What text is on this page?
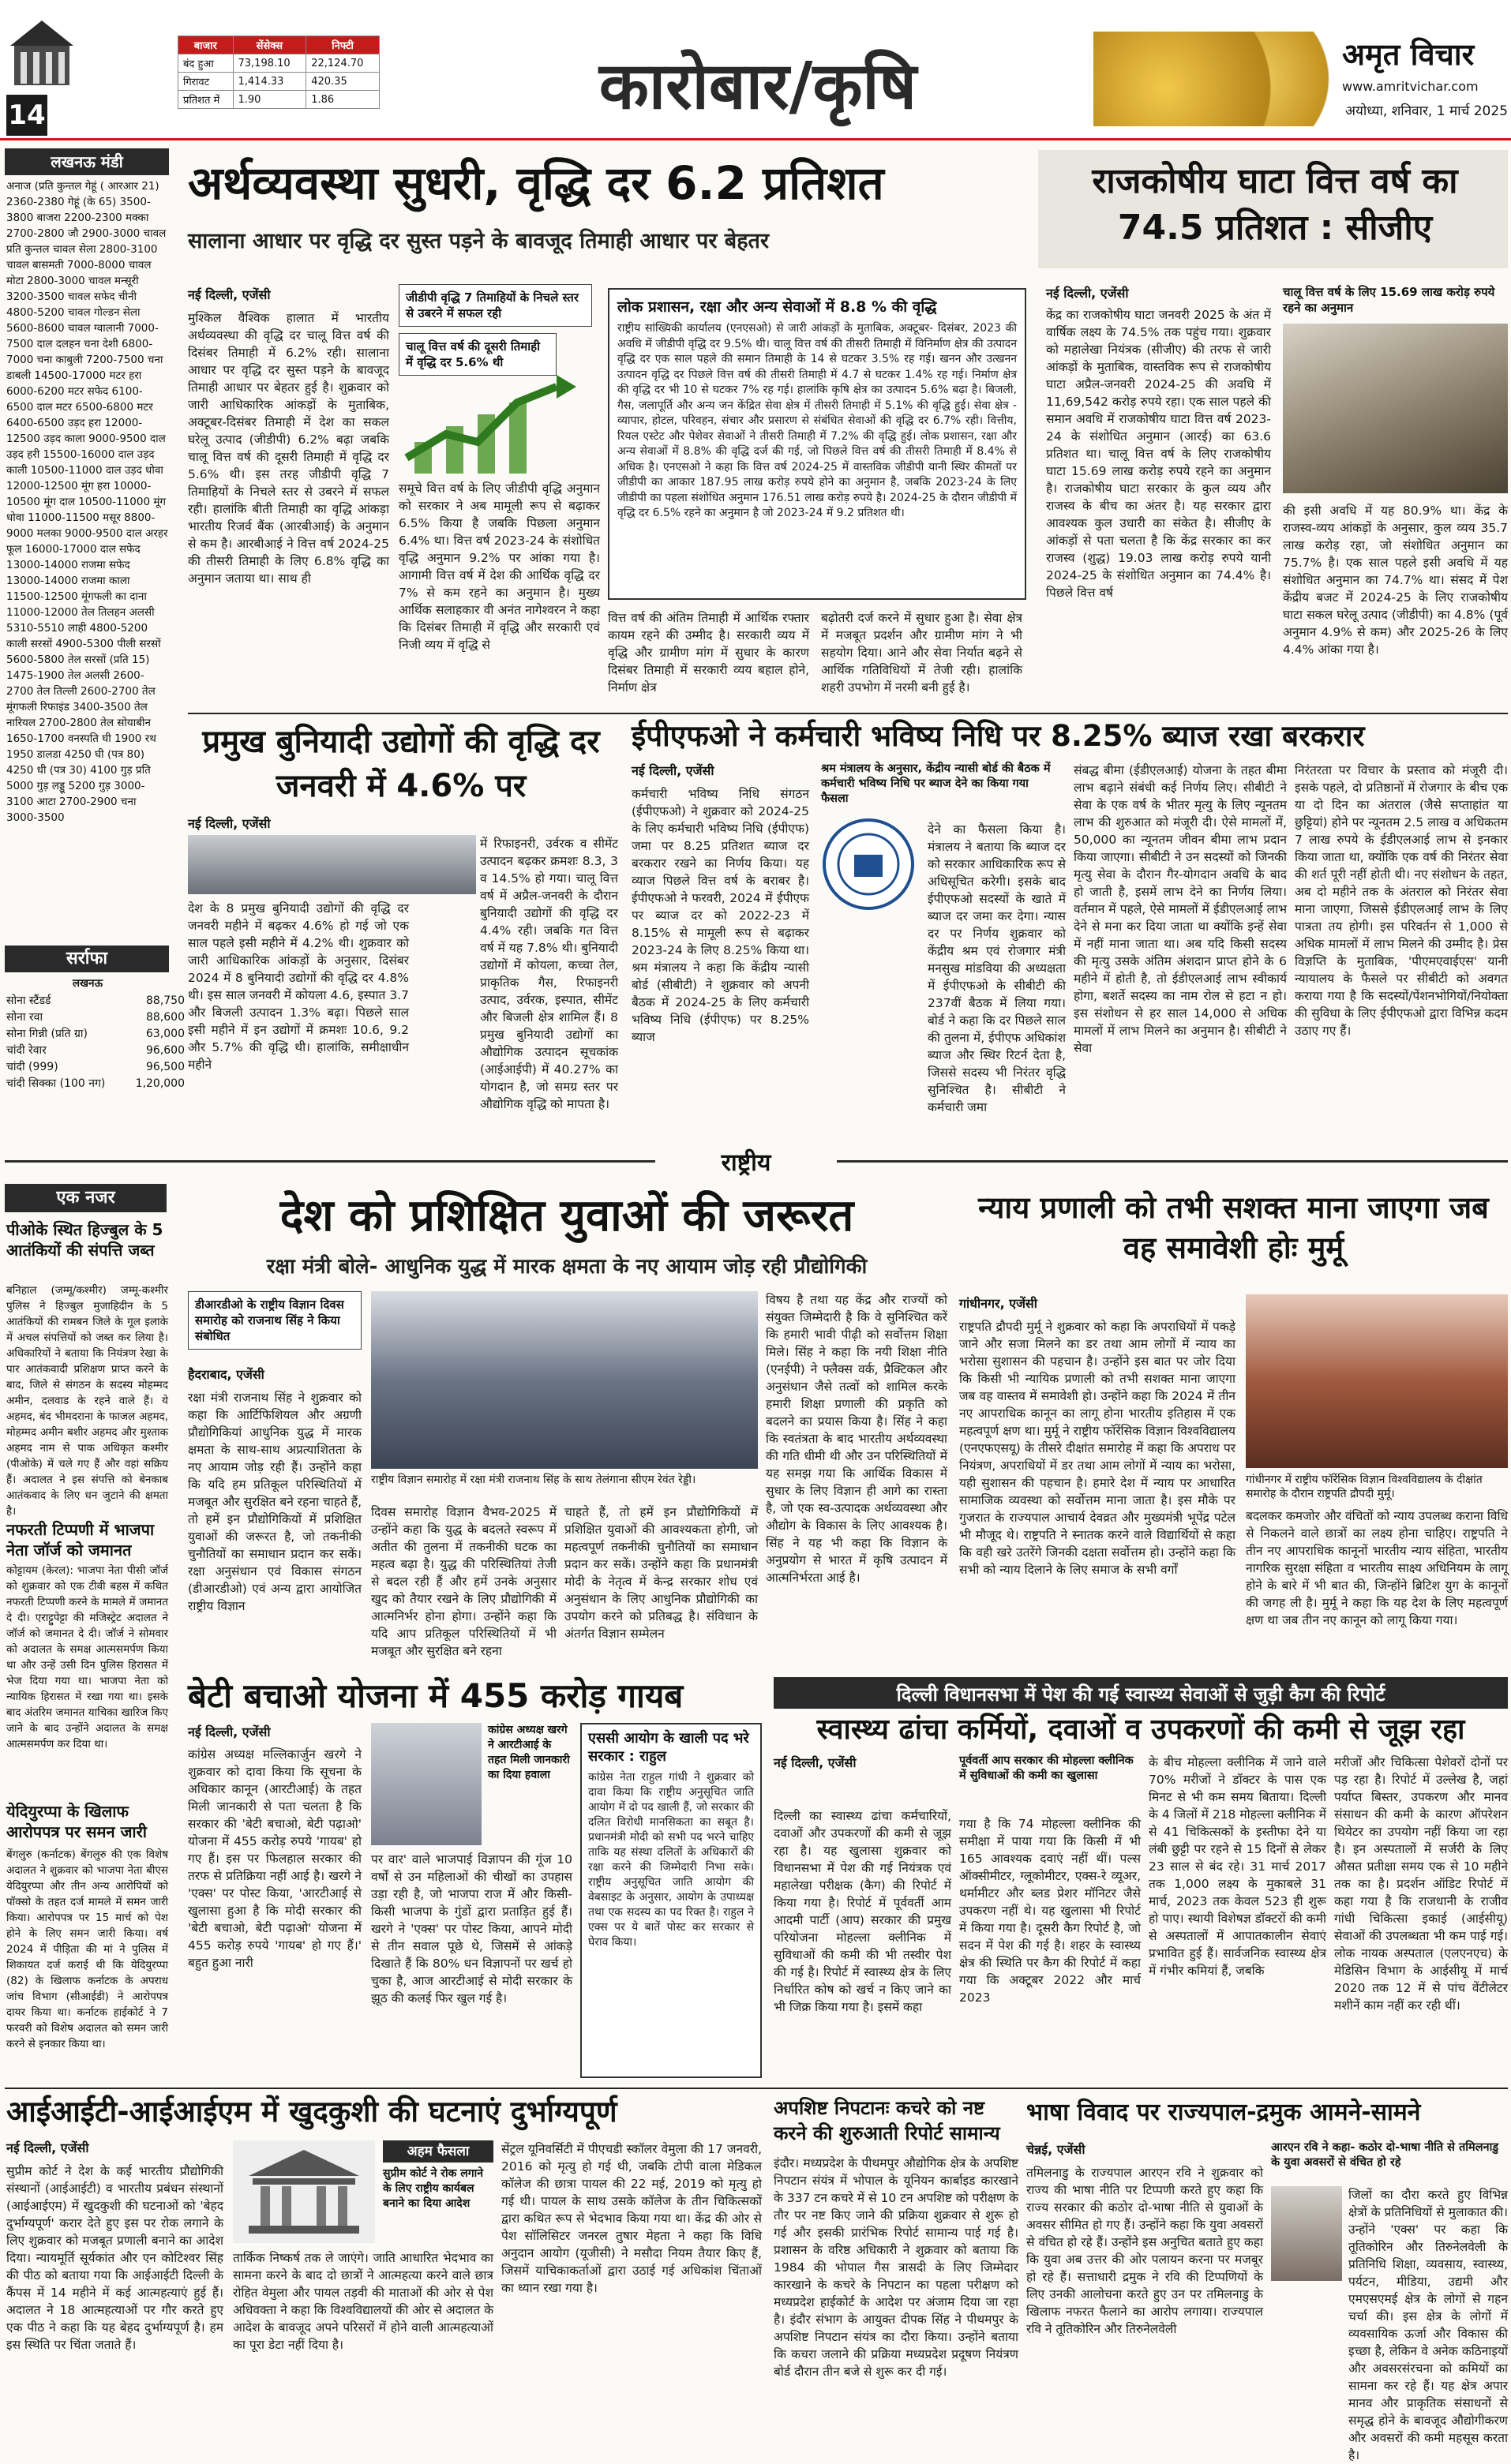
14
बाजार	सेंसेक्स	निफ्टी
बंद हुआ	73,198.10	22,124.70
गिरावट	1,414.33	420.35
प्रतिशत में	1.90	1.86	कारोबार/कृषि	अमृत विचार
www.amritvichar.com
अयोध्या, शनिवार, 1 मार्च 2025
लखनऊ मंडी
अनाज (प्रति कुन्तल गेहूं ( आरआर 21) 2360-2380 गेहूं (के 65) 3500-3800 बाजरा 2200-2300 मक्का 2700-2800 जौ 2900-3000 चावल प्रति कुन्तल चावल सेला 2800-3100 चावल बासमती 7000-8000 चावल मोटा 2800-3000 चावल मन्सूरी 3200-3500 चावल सफेद चीनी 4800-5200 चावल गोल्डन सेला 5600-8600 चावल ग्वालानी 7000-7500 दाल दलहन चना देशी 6800-7000 चना काबुली 7200-7500 चना डाबली 14500-17000 मटर हरा 6000-6200 मटर सफेद 6100-6500 दाल मटर 6500-6800 मटर 6400-6500 उड़द हरा 12000-12500 उड़द काला 9000-9500 दाल उड़द हरी 15500-16000 दाल उड़द काली 10500-11000 दाल उड़द धोवा 12000-12500 मूंग हरा 10000-10500 मूंग दाल 10500-11000 मूंग धोवा 11000-11500 मसूर 8800-9000 मलका 9000-9500 दाल अरहर फूल 16000-17000 दाल सफेद 13000-14000 राजमा सफेद 13000-14000 राजमा काला 11500-12500 मूंगफली का दाना 11000-12000 तेल तिलहन अलसी 5310-5510 लाही 4800-5200 काली सरसों 4900-5300 पीली सरसों 5600-5800 तेल सरसों (प्रति 15) 1475-1900 तेल अलसी 2600-2700 तेल तिल्ली 2600-2700 तेल मूंगफली रिफाइंड 3400-3500 तेल नारियल 2700-2800 तेल सोयाबीन 1650-1700 वनस्पति घी 1900 रथ 1950 डालडा 4250 घी (पत्र 80) 4250 धी (पत्र 30) 4100 गुड़ प्रति 5000 गुड़ लड्डू 5200 गुड़ 3000-3100 आटा 2700-2900 चना 3000-3500
सर्राफा
लखनऊ
सोना स्टैंडर्ड	88,750
सोना रवा	88,600
सोना गिन्नी (प्रति ग्रा)	63,000
चांदी रेवार	96,600
चांदी (999)	96,500
चांदी सिक्का (100 नग)	1,20,000
अर्थव्यवस्था सुधरी, वृद्धि दर 6.2 प्रतिशत
सालाना आधार पर वृद्धि दर सुस्त पड़ने के बावजूद तिमाही आधार पर बेहतर
नई दिल्ली, एजेंसी
मुश्किल वैश्विक हालात में भारतीय अर्थव्यवस्था की वृद्धि दर चालू वित्त वर्ष की दिसंबर तिमाही में 6.2% रही। सालाना आधार पर वृद्धि दर सुस्त पड़ने के बावजूद तिमाही आधार पर बेहतर हुई है। शुक्रवार को जारी आधिकारिक आंकड़ों के मुताबिक, अक्टूबर-दिसंबर तिमाही में देश का सकल घरेलू उत्पाद (जीडीपी) 6.2% बढ़ा जबकि चालू वित्त वर्ष की दूसरी तिमाही में वृद्धि दर 5.6% थी। इस तरह जीडीपी वृद्धि 7 तिमाहियों के निचले स्तर से उबरने में सफल रही। हालांकि बीती तिमाही का वृद्धि आंकड़ा भारतीय रिजर्व बैंक (आरबीआई) के अनुमान से कम है। आरबीआई ने वित्त वर्ष 2024-25 की तीसरी तिमाही के लिए 6.8% वृद्धि का अनुमान जताया था। साथ ही
जीडीपी वृद्धि 7 तिमाहियों के निचले स्तर से उबरने में सफल रही
चालू वित्त वर्ष की दूसरी तिमाही में वृद्धि दर 5.6% थी
समूचे वित्त वर्ष के लिए जीडीपी वृद्धि अनुमान को सरकार ने अब मामूली रूप से बढ़ाकर 6.5% किया है जबकि पिछला अनुमान 6.4% था। वित्त वर्ष 2023-24 के संशोधित वृद्धि अनुमान 9.2% पर आंका गया है। आगामी वित्त वर्ष में देश की आर्थिक वृद्धि दर 7% से कम रहने का अनुमान है। मुख्य आर्थिक सलाहकार वी अनंत नागेश्वरन ने कहा कि दिसंबर तिमाही में वृद्धि और सरकारी एवं निजी व्यय में वृद्धि से
लोक प्रशासन, रक्षा और अन्य सेवाओं में 8.8 % की वृद्धि
राष्ट्रीय सांख्यिकी कार्यालय (एनएसओ) से जारी आंकड़ों के मुताबिक, अक्टूबर- दिसंबर, 2023 की अवधि में जीडीपी वृद्धि दर 9.5% थी। चालू वित्त वर्ष की तीसरी तिमाही में विनिर्माण क्षेत्र की उत्पादन वृद्धि दर एक साल पहले की समान तिमाही के 14 से घटकर 3.5% रह गई। खनन और उत्खनन उत्पादन वृद्धि दर पिछले वित्त वर्ष की तीसरी तिमाही में 4.7 से घटकर 1.4% रह गई। निर्माण क्षेत्र की वृद्धि दर भी 10 से घटकर 7% रह गई। हालांकि कृषि क्षेत्र का उत्पादन 5.6% बढ़ा है। बिजली, गैस, जलापूर्ति और अन्य जन केंद्रित सेवा क्षेत्र में तीसरी तिमाही में 5.1% की वृद्धि हुई। सेवा क्षेत्र - व्यापार, होटल, परिवहन, संचार और प्रसारण से संबंधित सेवाओं की वृद्धि दर 6.7% रही। वित्तीय, रियल एस्टेट और पेशेवर सेवाओं ने तीसरी तिमाही में 7.2% की वृद्धि हुई। लोक प्रशासन, रक्षा और अन्य सेवाओं में 8.8% की वृद्धि दर्ज की गई, जो पिछले वित्त वर्ष की तीसरी तिमाही में 8.4% से अधिक है। एनएसओ ने कहा कि वित्त वर्ष 2024-25 में वास्तविक जीडीपी यानी स्थिर कीमतों पर जीडीपी का आकार 187.95 लाख करोड़ रुपये होने का अनुमान है, जबकि 2023-24 के लिए जीडीपी का पहला संशोधित अनुमान 176.51 लाख करोड़ रुपये है। 2024-25 के दौरान जीडीपी में वृद्धि दर 6.5% रहने का अनुमान है जो 2023-24 में 9.2 प्रतिशत थी।
वित्त वर्ष की अंतिम तिमाही में आर्थिक रफ्तार कायम रहने की उम्मीद है। सरकारी व्यय में वृद्धि और ग्रामीण मांग में सुधार के कारण दिसंबर तिमाही में सरकारी व्यय बहाल होने, निर्माण क्षेत्र
बढ़ोतरी दर्ज करने में सुधार हुआ है। सेवा क्षेत्र में मजबूत प्रदर्शन और ग्रामीण मांग ने भी सहयोग दिया। आने और सेवा निर्यात बढ़ने से आर्थिक गतिविधियों में तेजी रही। हालांकि शहरी उपभोग में नरमी बनी हुई है।
राजकोषीय घाटा वित्त वर्ष का 74.5 प्रतिशत : सीजीए
नई दिल्ली, एजेंसी
केंद्र का राजकोषीय घाटा जनवरी 2025 के अंत में वार्षिक लक्ष्य के 74.5% तक पहुंच गया। शुक्रवार को महालेखा नियंत्रक (सीजीए) की तरफ से जारी आंकड़ों के मुताबिक, वास्तविक रूप से राजकोषीय घाटा अप्रैल-जनवरी 2024-25 की अवधि में 11,69,542 करोड़ रुपये रहा। एक साल पहले की समान अवधि में राजकोषीय घाटा वित्त वर्ष 2023-24 के संशोधित अनुमान (आरई) का 63.6 प्रतिशत था। चालू वित्त वर्ष के लिए राजकोषीय घाटा 15.69 लाख करोड़ रुपये रहने का अनुमान है। राजकोषीय घाटा सरकार के कुल व्यय और राजस्व के बीच का अंतर है। यह सरकार द्वारा आवश्यक कुल उधारी का संकेत है। सीजीए के आंकड़ों से पता चलता है कि केंद्र सरकार का कर राजस्व (शुद्ध) 19.03 लाख करोड़ रुपये यानी 2024-25 के संशोधित अनुमान का 74.4% है। पिछले वित्त वर्ष
चालू वित्त वर्ष के लिए 15.69 लाख करोड़ रुपये रहने का अनुमान
की इसी अवधि में यह 80.9% था। केंद्र के राजस्व-व्यय आंकड़ों के अनुसार, कुल व्यय 35.7 लाख करोड़ रहा, जो संशोधित अनुमान का 75.7% है। एक साल पहले इसी अवधि में यह संशोधित अनुमान का 74.7% था। संसद में पेश केंद्रीय बजट में 2024-25 के लिए राजकोषीय घाटा सकल घरेलू उत्पाद (जीडीपी) का 4.8% (पूर्व अनुमान 4.9% से कम) और 2025-26 के लिए 4.4% आंका गया है।
प्रमुख बुनियादी उद्योगों की वृद्धि दर जनवरी में 4.6% पर
नई दिल्ली, एजेंसी
देश के 8 प्रमुख बुनियादी उद्योगों की वृद्धि दर जनवरी महीने में बढ़कर 4.6% हो गई जो एक साल पहले इसी महीने में 4.2% थी। शुक्रवार को जारी आधिकारिक आंकड़ों के अनुसार, दिसंबर 2024 में 8 बुनियादी उद्योगों की वृद्धि दर 4.8% थी। इस साल जनवरी में कोयला 4.6, इस्पात 3.7 और बिजली उत्पादन 1.3% बढ़ा। पिछले साल इसी महीने में इन उद्योगों में क्रमशः 10.6, 9.2 और 5.7% की वृद्धि थी। हालांकि, समीक्षाधीन महीने
में रिफाइनरी, उर्वरक व सीमेंट उत्पादन बढ़कर क्रमशः 8.3, 3 व 14.5% हो गया। चालू वित्त वर्ष में अप्रैल-जनवरी के दौरान बुनियादी उद्योगों की वृद्धि दर 4.4% रही। जबकि गत वित्त वर्ष में यह 7.8% थी। बुनियादी उद्योगों में कोयला, कच्चा तेल, प्राकृतिक गैस, रिफाइनरी उत्पाद, उर्वरक, इस्पात, सीमेंट और बिजली क्षेत्र शामिल हैं। 8 प्रमुख बुनियादी उद्योगों का औद्योगिक उत्पादन सूचकांक (आईआईपी) में 40.27% का योगदान है, जो समग्र स्तर पर औद्योगिक वृद्धि को मापता है।
ईपीएफओ ने कर्मचारी भविष्य निधि पर 8.25% ब्याज रखा बरकरार
नई दिल्ली, एजेंसी
कर्मचारी भविष्य निधि संगठन (ईपीएफओ) ने शुक्रवार को 2024-25 के लिए कर्मचारी भविष्य निधि (ईपीएफ) जमा पर 8.25 प्रतिशत ब्याज दर बरकरार रखने का निर्णय किया। यह व्याज पिछले वित्त वर्ष के बराबर है। ईपीएफओ ने फरवरी, 2024 में ईपीएफ पर ब्याज दर को 2022-23 में 8.15% से मामूली रूप से बढ़ाकर 2023-24 के लिए 8.25% किया था। श्रम मंत्रालय ने कहा कि केंद्रीय न्यासी बोर्ड (सीबीटी) ने शुक्रवार को अपनी बैठक में 2024-25 के लिए कर्मचारी भविष्य निधि (ईपीएफ) पर 8.25% ब्याज
श्रम मंत्रालय के अनुसार, केंद्रीय न्यासी बोर्ड की बैठक में कर्मचारी भविष्य निधि पर ब्याज देने का किया गया फैसला
देने का फैसला किया है। मंत्रालय ने बताया कि ब्याज दर को सरकार आधिकारिक रूप से अधिसूचित करेगी। इसके बाद ईपीएफओ सदस्यों के खाते में ब्याज दर जमा कर देगा। न्यास दर पर निर्णय शुक्रवार को केंद्रीय श्रम एवं रोजगार मंत्री मनसुख मांडविया की अध्यक्षता में ईपीएफओ के सीबीटी की 237वीं बैठक में लिया गया। बोर्ड ने कहा कि दर पिछले साल की तुलना में, ईपीएफ अधिकांश ब्याज और स्थिर रिटर्न देता है, जिससे सदस्य भी निरंतर वृद्धि सुनिश्चित है। सीबीटी ने कर्मचारी जमा
संबद्ध बीमा (ईडीएलआई) योजना के तहत बीमा लाभ बढ़ाने संबंधी कई निर्णय लिए। सीबीटी ने सेवा के एक वर्ष के भीतर मृत्यु के लिए न्यूनतम लाभ की शुरुआत को मंजूरी दी। ऐसे मामलों में, 50,000 का न्यूनतम जीवन बीमा लाभ प्रदान किया जाएगा। सीबीटी ने उन सदस्यों को जिनकी मृत्यु सेवा के दौरान गैर-योगदान अवधि के बाद हो जाती है, इसमें लाभ देने का निर्णय लिया। वर्तमान में पहले, ऐसे मामलों में ईडीएलआई लाभ देने से मना कर दिया जाता था क्योंकि इन्हें सेवा में नहीं माना जाता था। अब यदि किसी सदस्य की मृत्यु उसके अंतिम अंशदान प्राप्त होने के 6 महीने में होती है, तो ईडीएलआई लाभ स्वीकार्य होगा, बशर्ते सदस्य का नाम रोल से हटा न हो। इस संशोधन से हर साल 14,000 से अधिक मामलों में लाभ मिलने का अनुमान है। सीबीटी ने सेवा
निरंतरता पर विचार के प्रस्ताव को मंजूरी दी। इसके पहले, दो प्रतिष्ठानों में रोजगार के बीच एक या दो दिन का अंतराल (जैसे सप्ताहांत या छुट्टियां) होने पर न्यूनतम 2.5 लाख व अधिकतम 7 लाख रुपये के ईडीएलआई लाभ से इनकार किया जाता था, क्योंकि एक वर्ष की निरंतर सेवा की शर्त पूरी नहीं होती थी। नए संशोधन के तहत, अब दो महीने तक के अंतराल को निरंतर सेवा माना जाएगा, जिससे ईडीएलआई लाभ के लिए पात्रता तय होगी। इस परिवर्तन से 1,000 से अधिक मामलों में लाभ मिलने की उम्मीद है। प्रेस विज्ञप्ति के मुताबिक, 'पीएमएवाईएस' यानी न्यायालय के फैसले पर सीबीटी को अवगत कराया गया है कि सदस्यों/पेंशनभोगियों/नियोक्ता की सुविधा के लिए ईपीएफओ द्वारा विभिन्न कदम उठाए गए हैं।
राष्ट्रीय
एक नजर
पीओके स्थित हिज्बुल के 5 आतंकियों की संपत्ति जब्त
बनिहाल (जम्मू/कश्मीर) जम्मू-कश्मीर पुलिस ने हिज्बुल मुजाहिदीन के 5 आतंकियों की रामबन जिले के गूल इलाके में अचल संपत्तियों को जब्त कर लिया है। अधिकारियों ने बताया कि नियंत्रण रेखा के पार आतंकवादी प्रशिक्षण प्राप्त करने के बाद, जिले से संगठन के सदस्य मोहम्मद अमीन, दलवाड के रहने वाले हैं। ये अहमद, बंद भीमदराना के फाजल अहमद, मोहम्मद अमीन बशीर अहमद और मुश्ताक अहमद नाम से पाक अधिकृत कश्मीर (पीओके) में चले गए हैं और वहां सक्रिय हैं। अदालत ने इस संपत्ति को बेनकाब आतंकवाद के लिए धन जुटाने की क्षमता है।
नफरती टिप्पणी में भाजपा नेता जॉर्ज को जमानत
कोट्टायम (केरल): भाजपा नेता पीसी जॉर्ज को शुक्रवार को एक टीवी बहस में कथित नफरती टिप्पणी करने के मामले में जमानत दे दी। एराट्टुपेट्टा की मजिस्ट्रेट अदालत ने जॉर्ज को जमानत दे दी। जॉर्ज ने सोमवार को अदालत के समक्ष आत्मसमर्पण किया था और उन्हें उसी दिन पुलिस हिरासत में भेज दिया गया था। भाजपा नेता को न्यायिक हिरासत में रखा गया था। इसके बाद अंतरिम जमानत याचिका खारिज किए जाने के बाद उन्होंने अदालत के समक्ष आत्मसमर्पण कर दिया था।
येदियुरप्पा के खिलाफ आरोपपत्र पर समन जारी
बेंगलुरु (कर्नाटक) बेंगलुरु की एक विशेष अदालत ने शुक्रवार को भाजपा नेता बीएस येदियुरप्पा और तीन अन्य आरोपियों को पॉक्सो के तहत दर्ज मामले में समन जारी किया। आरोपपत्र पर 15 मार्च को पेश होने के लिए समन जारी किया। वर्ष 2024 में पीड़िता की मां ने पुलिस में शिकायत दर्ज कराई थी कि येदियुरप्पा (82) के खिलाफ कर्नाटक के अपराध जांच विभाग (सीआईडी) ने आरोपपत्र दायर किया था। कर्नाटक हाईकोर्ट ने 7 फरवरी को विशेष अदालत को समन जारी करने से इनकार किया था।
देश को प्रशिक्षित युवाओं की जरूरत
रक्षा मंत्री बोले- आधुनिक युद्ध में मारक क्षमता के नए आयाम जोड़ रही प्रौद्योगिकी
डीआरडीओ के राष्ट्रीय विज्ञान दिवस समारोह को राजनाथ सिंह ने किया संबोधित
हैदराबाद, एजेंसी
राष्ट्रीय विज्ञान समारोह में रक्षा मंत्री राजनाथ सिंह के साथ तेलंगाना सीएम रेवंत रेड्डी।
रक्षा मंत्री राजनाथ सिंह ने शुक्रवार को कहा कि आर्टिफिशियल और अग्रणी प्रौद्योगिकियां आधुनिक युद्ध में मारक क्षमता के साथ-साथ अप्रत्याशितता के नए आयाम जोड़ रही हैं। उन्होंने कहा कि यदि हम प्रतिकूल परिस्थितियों में मजबूत और सुरक्षित बने रहना चाहते हैं, तो हमें इन प्रौद्योगिकियों में प्रशिक्षित युवाओं की जरूरत है, जो तकनीकी चुनौतियों का समाधान प्रदान कर सकें। रक्षा अनुसंधान एवं विकास संगठन (डीआरडीओ) एवं अन्य द्वारा आयोजित राष्ट्रीय विज्ञान
दिवस समारोह विज्ञान वैभव-2025 में उन्होंने कहा कि युद्ध के बदलते स्वरूप में अतीत की तुलना में तकनीकी घटक का महत्व बढ़ा है। युद्ध की परिस्थितियां तेजी से बदल रही हैं और हमें उनके अनुसार खुद को तैयार रखने के लिए प्रौद्योगिकी में आत्मनिर्भर होना होगा। उन्होंने कहा कि यदि आप प्रतिकूल परिस्थितियों में भी मजबूत और सुरक्षित बने रहना
चाहते हैं, तो हमें इन प्रौद्योगिकियों में प्रशिक्षित युवाओं की आवश्यकता होगी, जो महत्वपूर्ण तकनीकी चुनौतियों का समाधान प्रदान कर सकें। उन्होंने कहा कि प्रधानमंत्री मोदी के नेतृत्व में केन्द्र सरकार शोध एवं अनुसंधान के लिए आधुनिक प्रौद्योगिकी का उपयोग करने को प्रतिबद्ध है। संविधान के अंतर्गत विज्ञान सम्मेलन
विषय है तथा यह केंद्र और राज्यों को संयुक्त जिम्मेदारी है कि वे सुनिश्चित करें कि हमारी भावी पीढ़ी को सर्वोत्तम शिक्षा मिले। सिंह ने कहा कि नयी शिक्षा नीति (एनईपी) ने फ्लैक्स वर्क, प्रैक्टिकल और अनुसंधान जैसे तत्वों को शामिल करके हमारी शिक्षा प्रणाली की प्रकृति को बदलने का प्रयास किया है। सिंह ने कहा कि स्वतंत्रता के बाद भारतीय अर्थव्यवस्था की गति धीमी थी और उन परिस्थितियों में यह समझ गया कि आर्थिक विकास में सुधार के लिए विज्ञान ही आगे का रास्ता है, जो एक स्व-उत्पादक अर्थव्यवस्था और औद्योग के विकास के लिए आवश्यक है। सिंह ने यह भी कहा कि विज्ञान के अनुप्रयोग से भारत में कृषि उत्पादन में आत्मनिर्भरता आई है।
न्याय प्रणाली को तभी सशक्त माना जाएगा जब वह समावेशी होः मुर्मू
गांधीनगर, एजेंसी
राष्ट्रपति द्रौपदी मुर्मू ने शुक्रवार को कहा कि अपराधियों में पकड़े जाने और सजा मिलने का डर तथा आम लोगों में न्याय का भरोसा सुशासन की पहचान है। उन्होंने इस बात पर जोर दिया कि किसी भी न्यायिक प्रणाली को तभी सशक्त माना जाएगा जब वह वास्तव में समावेशी हो। उन्होंने कहा कि 2024 में तीन नए आपराधिक कानून का लागू होना भारतीय इतिहास में एक महत्वपूर्ण क्षण था। मुर्मू ने राष्ट्रीय फॉरेंसिक विज्ञान विश्वविद्यालय (एनएफएसयू) के तीसरे दीक्षांत समारोह में कहा कि अपराध पर नियंत्रण, अपराधियों में डर तथा आम लोगों में न्याय का भरोसा, यही सुशासन की पहचान है। हमारे देश में न्याय पर आधारित सामाजिक व्यवस्था को सर्वोत्तम माना जाता है। इस मौके पर गुजरात के राज्यपाल आचार्य देवव्रत और मुख्यमंत्री भूपेंद्र पटेल भी मौजूद थे। राष्ट्रपति ने स्नातक करने वाले विद्यार्थियों से कहा कि वही खरे उतरेंगे जिनकी दक्षता सर्वोत्तम हो। उन्होंने कहा कि सभी को न्याय दिलाने के लिए समाज के सभी वर्गों
गांधीनगर में राष्ट्रीय फॉरेंसिक विज्ञान विश्वविद्यालय के दीक्षांत समारोह के दौरान राष्ट्रपति द्रौपदी मुर्मू।
बदलकर कमजोर और वंचितों को न्याय उपलब्ध कराना विधि से निकलने वाले छात्रों का लक्ष्य होना चाहिए। राष्ट्रपति ने तीन नए आपराधिक कानूनों भारतीय न्याय संहिता, भारतीय नागरिक सुरक्षा संहिता व भारतीय साक्ष्य अधिनियम के लागू होने के बारे में भी बात की, जिन्होंने ब्रिटिश युग के कानूनों की जगह ली है। मुर्मू ने कहा कि यह देश के लिए महत्वपूर्ण क्षण था जब तीन नए कानून को लागू किया गया।
बेटी बचाओ योजना में 455 करोड़ गायब
नई दिल्ली, एजेंसी	कांग्रेस अध्यक्ष खरगे ने आरटीआई के तहत मिली जानकारी का दिया हवाला
कांग्रेस अध्यक्ष मल्लिकार्जुन खरगे ने शुक्रवार को दावा किया कि सूचना के अधिकार कानून (आरटीआई) के तहत मिली जानकारी से पता चलता है कि सरकार की 'बेटी बचाओ, बेटी पढ़ाओ' योजना में 455 करोड़ रुपये 'गायब' हो गए हैं। इस पर फिलहाल सरकार की तरफ से प्रतिक्रिया नहीं आई है। खरगे ने 'एक्स' पर पोस्ट किया, 'आरटीआई से खुलासा हुआ है कि मोदी सरकार की 'बेटी बचाओ, बेटी पढ़ाओ' योजना में 455 करोड़ रुपये 'गायब' हो गए हैं।' बहुत हुआ नारी
पर वार' वाले भाजपाई विज्ञापन की गूंज 10 वर्षों से उन महिलाओं की चीखों का उपहास उड़ा रही है, जो भाजपा राज में और किसी-किसी भाजपा के गुंडों द्वारा प्रताड़ित हुई हैं। खरगे ने 'एक्स' पर पोस्ट किया, आपने मोदी से तीन सवाल पूछे थे, जिसमें से आंकड़े दिखाते हैं कि 80% धन विज्ञापनों पर खर्च हो चुका है, आज आरटीआई से मोदी सरकार के झूठ की कलई फिर खुल गई है।
एससी आयोग के खाली पद भरे सरकार : राहुल
कांग्रेस नेता राहुल गांधी ने शुक्रवार को दावा किया कि राष्ट्रीय अनुसूचित जाति आयोग में दो पद खाली हैं, जो सरकार की दलित विरोधी मानसिकता का सबूत है। प्रधानमंत्री मोदी को सभी पद भरने चाहिए ताकि यह संस्था दलितों के अधिकारों की रक्षा करने की जिम्मेदारी निभा सके। राष्ट्रीय अनुसूचित जाति आयोग की वेबसाइट के अनुसार, आयोग के उपाध्यक्ष तथा एक सदस्य का पद रिक्त है। राहुल ने एक्स पर ये बातें पोस्ट कर सरकार से घेराव किया।
दिल्ली विधानसभा में पेश की गई स्वास्थ्य सेवाओं से जुड़ी कैग की रिपोर्ट
स्वास्थ्य ढांचा कर्मियों, दवाओं व उपकरणों की कमी से जूझ रहा
नई दिल्ली, एजेंसी
दिल्ली का स्वास्थ्य ढांचा कर्मचारियों, दवाओं और उपकरणों की कमी से जूझ रहा है। यह खुलासा शुक्रवार को विधानसभा में पेश की गई नियंत्रक एवं महालेखा परीक्षक (कैग) की रिपोर्ट में किया गया है। रिपोर्ट में पूर्ववर्ती आम आदमी पार्टी (आप) सरकार की प्रमुख परियोजना मोहल्ला क्लीनिक में सुविधाओं की कमी की भी तस्वीर पेश की गई है। रिपोर्ट में स्वास्थ्य क्षेत्र के लिए निर्धारित कोष को खर्च न किए जाने का भी जिक्र किया गया है। इसमें कहा
पूर्ववर्ती आप सरकार की मोहल्ला क्लीनिक में सुविधाओं की कमी का खुलासा
गया है कि 74 मोहल्ला क्लीनिक की समीक्षा में पाया गया कि किसी में भी 165 आवश्यक दवाएं नहीं थीं। पल्स ऑक्सीमीटर, ग्लूकोमीटर, एक्स-रे व्यूअर, थर्मामीटर और ब्लड प्रेशर मॉनिटर जैसे उपकरण नहीं थे। यह खुलासा भी रिपोर्ट में किया गया है। दूसरी कैग रिपोर्ट है, जो सदन में पेश की गई है। शहर के स्वास्थ्य क्षेत्र की स्थिति पर कैग की रिपोर्ट में कहा गया कि अक्टूबर 2022 और मार्च 2023
के बीच मोहल्ला क्लीनिक में जाने वाले 70% मरीजों ने डॉक्टर के पास एक मिनट से भी कम समय बिताया। दिल्ली के 4 जिलों में 218 मोहल्ला क्लीनिक में से 41 चिकित्सकों के इस्तीफा देने या लंबी छुट्टी पर रहने से 15 दिनों से लेकर 23 साल से बंद रहे। 31 मार्च 2017 तक 1,000 लक्ष्य के मुकाबले 31 मार्च, 2023 तक केवल 523 ही शुरू हो पाए। स्थायी विशेषज्ञ डॉक्टरों की कमी से अस्पतालों में आपातकालीन सेवाएं प्रभावित हुई हैं। सार्वजनिक स्वास्थ्य क्षेत्र में गंभीर कमियां हैं, जबकि
मरीजों और चिकित्सा पेशेवरों दोनों पर पड़ रहा है। रिपोर्ट में उल्लेख है, जहां पर्याप्त बिस्तर, उपकरण और मानव संसाधन की कमी के कारण ऑपरेशन थियेटर का उपयोग नहीं किया जा रहा है। इन अस्पतालों में सर्जरी के लिए औसत प्रतीक्षा समय एक से 10 महीने तक का है। प्रदर्शन ऑडिट रिपोर्ट में कहा गया है कि राजधानी के राजीव गांधी चिकित्सा इकाई (आईसीयू) सेवाओं की उपलब्धता भी कम पाई गई। लोक नायक अस्पताल (एलएनएच) के मेडिसिन विभाग के आईसीयू में मार्च 2020 तक 12 में से पांच वेंटीलेटर मशीनें काम नहीं कर रही थीं।
आईआईटी-आईआईएम में खुदकुशी की घटनाएं दुर्भाग्यपूर्ण
नई दिल्ली, एजेंसी
सुप्रीम कोर्ट ने देश के कई भारतीय प्रौद्योगिकी संस्थानों (आईआईटी) व भारतीय प्रबंधन संस्थानों (आईआईएम) में खुदकुशी की घटनाओं को 'बेहद दुर्भाग्यपूर्ण' करार देते हुए इस पर रोक लगाने के लिए शुक्रवार को मजबूत प्रणाली बनाने का आदेश दिया। न्यायमूर्ति सूर्यकांत और एन कोटिश्वर सिंह की पीठ को बताया गया कि आईआईटी दिल्ली के कैंपस में 14 महीने में कई आत्महत्याएं हुई हैं। अदालत ने 18 आत्महत्याओं पर गौर करते हुए एक पीठ ने कहा कि यह बेहद दुर्भाग्यपूर्ण है। हम इस स्थिति पर चिंता जताते हैं।
अहम फैसला
सुप्रीम कोर्ट ने रोक लगाने के लिए राष्ट्रीय कार्यबल बनाने का दिया आदेश
तार्किक निष्कर्ष तक ले जाएंगे। जाति आधारित भेदभाव का सामना करने के बाद दो छात्रों ने आत्महत्या करने वाले छात्र रोहित वेमुला और पायल तड़वी की माताओं की ओर से पेश अधिवक्ता ने कहा कि विश्वविद्यालयों की ओर से अदालत के आदेश के बावजूद अपने परिसरों में होने वाली आत्महत्याओं का पूरा डेटा नहीं दिया है।
सेंट्रल यूनिवर्सिटी में पीएचडी स्कॉलर वेमुला की 17 जनवरी, 2016 को मृत्यु हो गई थी, जबकि टोपी वाला मेडिकल कॉलेज की छात्रा पायल की 22 मई, 2019 को मृत्यु हो गई थी। पायल के साथ उसके कॉलेज के तीन चिकित्सकों द्वारा कथित रूप से भेदभाव किया गया था। केंद्र की ओर से पेश सॉलिसिटर जनरल तुषार मेहता ने कहा कि विधि अनुदान आयोग (यूजीसी) ने मसौदा नियम तैयार किए हैं, जिसमें याचिकाकर्ताओं द्वारा उठाई गई अधिकांश चिंताओं का ध्यान रखा गया है।
अपशिष्ट निपटानः कचरे को नष्ट करने की शुरुआती रिपोर्ट सामान्य
इंदौर। मध्यप्रदेश के पीथमपुर औद्योगिक क्षेत्र के अपशिष्ट निपटान संयंत्र में भोपाल के यूनियन कार्बाइड कारखाने के 337 टन कचरे में से 10 टन अपशिष्ट को परीक्षण के तौर पर नष्ट किए जाने की प्रक्रिया शुक्रवार से शुरू हो गई और इसकी प्रारंभिक रिपोर्ट सामान्य पाई गई है। प्रशासन के वरिष्ठ अधिकारी ने शुक्रवार को बताया कि 1984 की भोपाल गैस त्रासदी के लिए जिम्मेदार कारखाने के कचरे के निपटान का पहला परीक्षण को मध्यप्रदेश हाईकोर्ट के आदेश पर अंजाम दिया जा रहा है। इंदौर संभाग के आयुक्त दीपक सिंह ने पीथमपुर के अपशिष्ट निपटान संयंत्र का दौरा किया। उन्होंने बताया कि कचरा जलाने की प्रक्रिया मध्यप्रदेश प्रदूषण नियंत्रण बोर्ड दौरान तीन बजे से शुरू कर दी गई।
भाषा विवाद पर राज्यपाल-द्रमुक आमने-सामने
चेन्नई, एजेंसी	आरएन रवि ने कहा- कठोर दो-भाषा नीति से तमिलनाडु के युवा अवसरों से वंचित हो रहे
तमिलनाडु के राज्यपाल आरएन रवि ने शुक्रवार को राज्य की भाषा नीति पर टिप्पणी करते हुए कहा कि राज्य सरकार की कठोर दो-भाषा नीति से युवाओं के अवसर सीमित हो गए हैं। उन्होंने कहा कि युवा अवसरों से वंचित हो रहे हैं। उन्होंने इस अनुचित बताते हुए कहा कि युवा अब उत्तर की ओर पलायन करना पर मजबूर हो रहे हैं। सत्ताधारी द्रमुक ने रवि की टिप्पणियों के लिए उनकी आलोचना करते हुए उन पर तमिलनाडु के खिलाफ नफरत फैलाने का आरोप लगाया। राज्यपाल रवि ने तूतिकोरिन और तिरुनेलवेली
जिलों का दौरा करते हुए विभिन्न क्षेत्रों के प्रतिनिधियों से मुलाकात की। उन्होंने 'एक्स' पर कहा कि तूतिकोरिन और तिरुनेलवेली के प्रतिनिधि शिक्षा, व्यवसाय, स्वास्थ्य, पर्यटन, मीडिया, उद्यमी और एमएसएमई क्षेत्र के लोगों से गहन चर्चा की। इस क्षेत्र के लोगों में व्यवसायिक ऊर्जा और विकास की इच्छा है, लेकिन वे अनेक कठिनाइयों और अवसरसंरचना को कमियों का सामना कर रहे हैं। यह क्षेत्र अपार मानव और प्राकृतिक संसाधनों से समृद्ध होने के बावजूद औद्योगीकरण और अवसरों की कमी महसूस करता है।
